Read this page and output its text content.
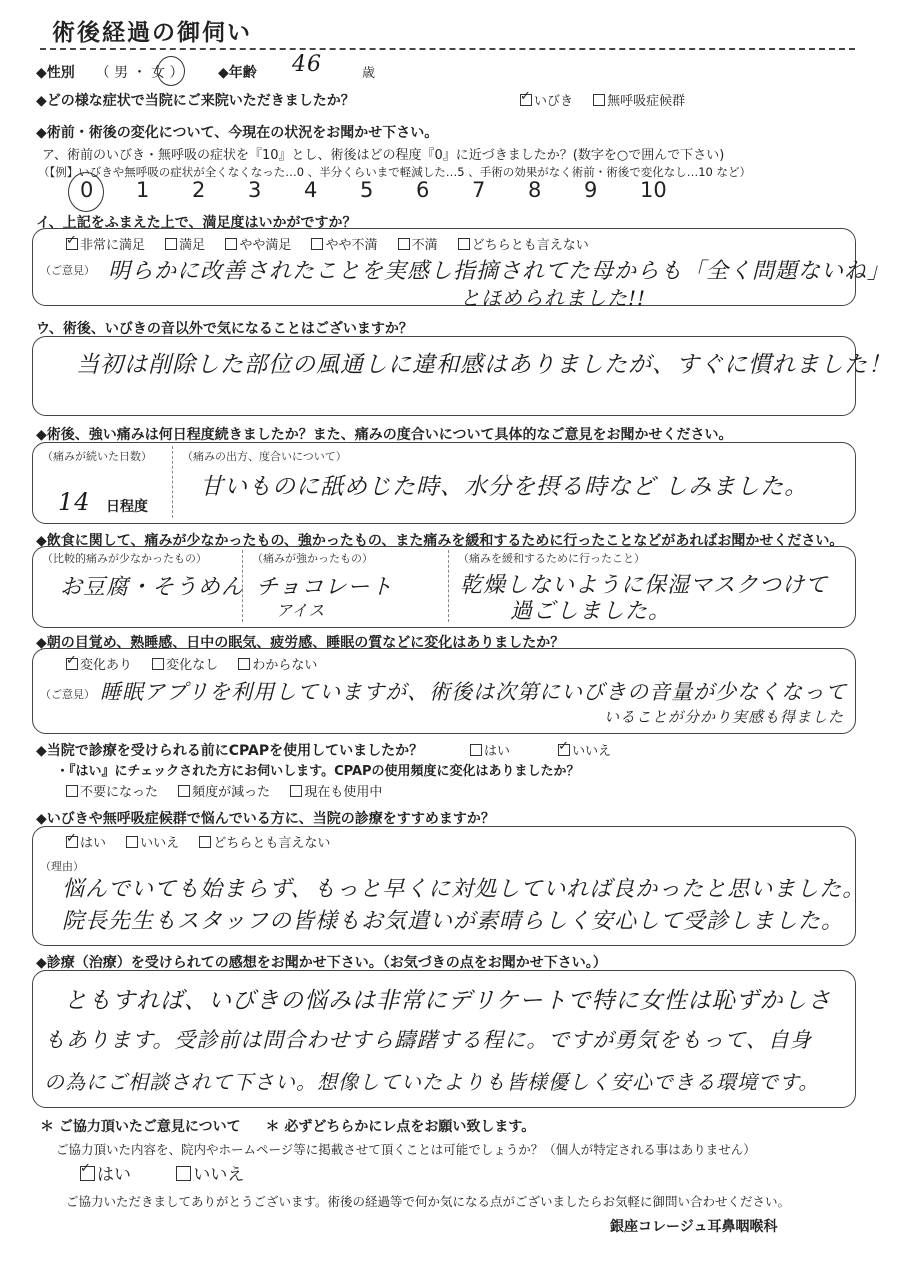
術後経過の御伺い
◆性別 （ 男 ・ 女 ） ◆年齢 46	歳
◆どの様な症状で当院にご来院いただきましたか？ ✓	いびき	無呼吸症候群
◆術前・術後の変化について、今現在の状況をお聞かせ下さい。
ア、術前のいびき・無呼吸の症状を『10』とし、術後はどの程度『0』に近づきましたか？(数字を○で囲んで下さい)
（【例】いびきや無呼吸の症状が全くなくなった…0 、半分くらいまで軽減した…5 、手術の効果がなく術前・術後で変化なし…10 など）
0 1 2 3 4 5 6 7 8 9 10
イ、上記をふまえた上で、満足度はいかがですか？
✓非常に満足	満足	やや満足	やや不満	不満	どちらとも言えない
（ご意見） 明らかに改善されたことを実感し指摘されてた母からも「全く問題ないね」
とほめられました!!
ウ、術後、いびきの音以外で気になることはございますか？
当初は削除した部位の風通しに違和感はありましたが、すぐに慣れました！
◆術後、強い痛みは何日程度続きましたか？また、痛みの度合いについて具体的なご意見をお聞かせください。
（痛みが続いた日数）
14 日程度
（痛みの出方、度合いについて）
甘いものに舐めじた時、水分を摂る時など しみました。
◆飲食に関して、痛みが少なかったもの、強かったもの、また痛みを緩和するために行ったことなどがあればお聞かせください。
（比較的痛みが少なかったもの）
お豆腐・そうめん
（痛みが強かったもの）
チョコレート
アイス
（痛みを緩和するために行ったこと）
乾燥しないように保湿マスクつけて
過ごしました。
◆朝の目覚め、熟睡感、日中の眠気、疲労感、睡眠の質などに変化はありましたか？
✓変化あり	変化なし	わからない
（ご意見） 睡眠アプリを利用していますが、術後は次第にいびきの音量が少なくなって
いることが分かり実感も得ました
◆当院で診療を受けられる前にCPAPを使用していましたか？	はい ✓	いいえ
・『はい』にチェックされた方にお伺いします。CPAPの使用頻度に変化はありましたか？
不要になった	頻度が減った	現在も使用中
◆いびきや無呼吸症候群で悩んでいる方に、当院の診療をすすめますか？
✓はい	いいえ	どちらとも言えない
（理由）
悩んでいても始まらず、もっと早くに対処していれば良かったと思いました。
院長先生もスタッフの皆様もお気遣いが素晴らしく安心して受診しました。
◆診療（治療）を受けられての感想をお聞かせ下さい。（お気づきの点をお聞かせ下さい。）
ともすれば、いびきの悩みは非常にデリケートで特に女性は恥ずかしさ
もあります。受診前は問合わせすら躊躇する程に。ですが勇気をもって、自身
の為にご相談されて下さい。想像していたよりも皆様優しく安心できる環境です。
＊ ご協力頂いたご意見について ＊ 必ずどちらかにレ点をお願い致します。
ご協力頂いた内容を、院内やホームページ等に掲載させて頂くことは可能でしょうか？（個人が特定される事はありません）
✓はい	いいえ
ご協力いただきましてありがとうございます。術後の経過等で何か気になる点がございましたらお気軽に御問い合わせください。
銀座コレージュ耳鼻咽喉科
